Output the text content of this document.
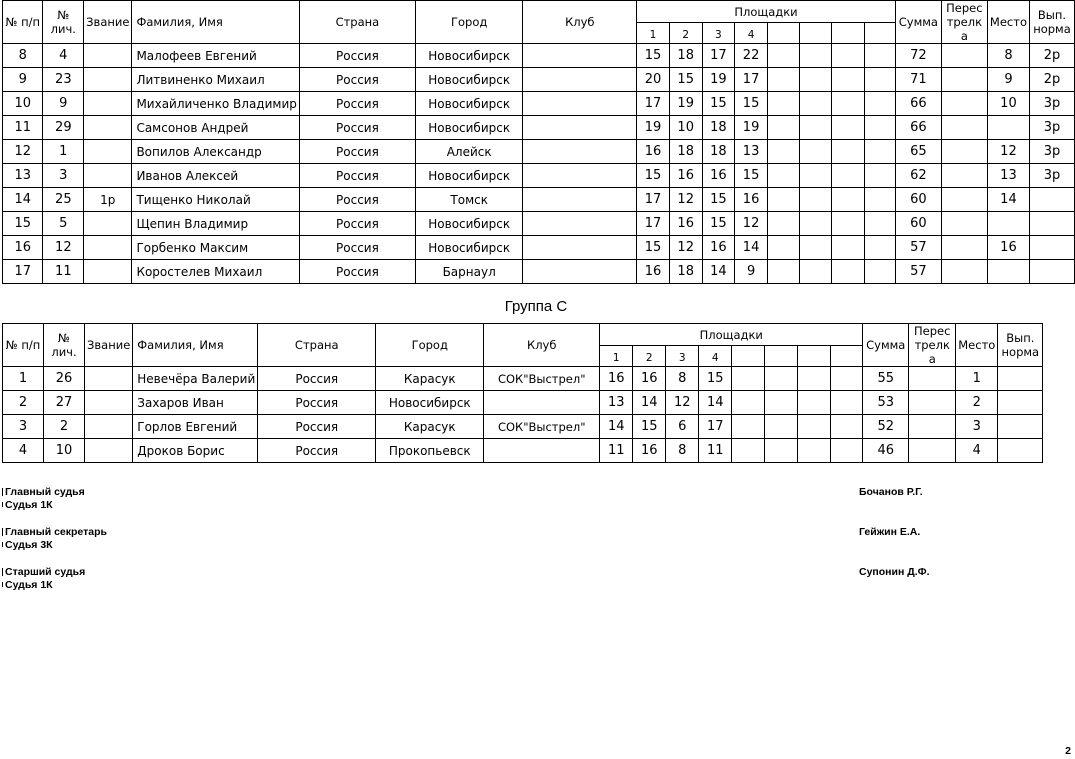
№ п/п	№ лич.	Звание	Фамилия, Имя	Страна	Город	Клуб	Площадки								Сумма	Перестрелка	Место	Вып. норма
							1	2	3	4								
8	4		Малофеев Евгений	Россия	Новосибирск		15	18	17	22					72		8	2р
9	23		Литвиненко Михаил	Россия	Новосибирск		20	15	19	17					71		9	2р
10	9		Михайличенко Владимир	Россия	Новосибирск		17	19	15	15					66		10	3р
11	29		Самсонов Андрей	Россия	Новосибирск		19	10	18	19					66			3р
12	1		Вопилов Александр	Россия	Алейск		16	18	18	13					65		12	3р
13	3		Иванов Алексей	Россия	Новосибирск		15	16	16	15					62		13	3р
14	25	1р	Тищенко Николай	Россия	Томск		17	12	15	16					60		14	
15	5		Щепин Владимир	Россия	Новосибирск		17	16	15	12					60			
16	12		Горбенко Максим	Россия	Новосибирск		15	12	16	14					57		16	
17	11		Коростелев Михаил	Россия	Барнаул		16	18	14	9					57			
Группа С
№ п/п	№ лич.	Звание	Фамилия, Имя	Страна	Город	Клуб	Площадки								Сумма	Перестрелка	Место	Вып. норма
							1	2	3	4								
1	26		Невечёра Валерий	Россия	Карасук	СОК"Выстрел"	16	16	8	15					55		1	
2	27		Захаров Иван	Россия	Новосибирск		13	14	12	14					53		2	
3	2		Горлов Евгений	Россия	Карасук	СОК"Выстрел"	14	15	6	17					52		3	
4	10		Дроков Борис	Россия	Прокопьевск		11	16	8	11					46		4	
Главный судья
Судья 1К
Бочанов Р.Г.
Главный секретарь
Судья 3К
Гейжин Е.А.
Старший судья
Судья 1К
Супонин Д.Ф.
2
